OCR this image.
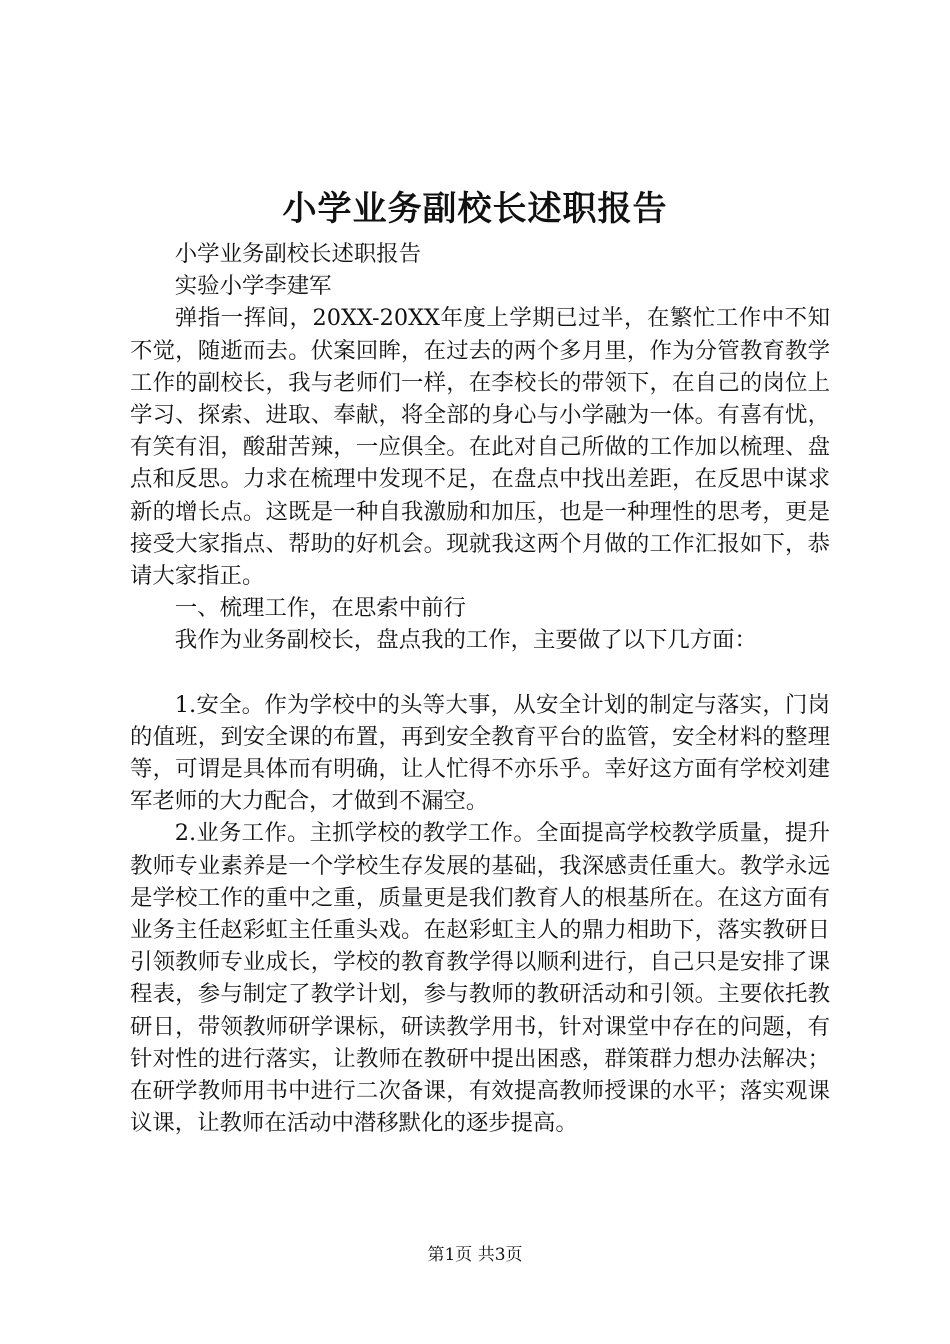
小学业务副校长述职报告

小学业务副校长述职报告

实验小学李建军

弹指一挥间，20XX-20XX年度上学期已过半，在繁忙工作中不知不觉，随逝而去。伏案回眸，在过去的两个多月里，作为分管教育教学工作的副校长，我与老师们一样，在李校长的带领下，在自己的岗位上学习、探索、进取、奉献，将全部的身心与小学融为一体。有喜有忧，有笑有泪，酸甜苦辣，一应俱全。在此对自己所做的工作加以梳理、盘点和反思。力求在梳理中发现不足，在盘点中找出差距，在反思中谋求新的增长点。这既是一种自我激励和加压，也是一种理性的思考，更是接受大家指点、帮助的好机会。现就我这两个月做的工作汇报如下，恭请大家指正。

一、梳理工作，在思索中前行

我作为业务副校长，盘点我的工作，主要做了以下几方面：

1.安全。作为学校中的头等大事，从安全计划的制定与落实，门岗的值班，到安全课的布置，再到安全教育平台的监管，安全材料的整理等，可谓是具体而有明确，让人忙得不亦乐乎。幸好这方面有学校刘建军老师的大力配合，才做到不漏空。

2.业务工作。主抓学校的教学工作。全面提高学校教学质量，提升教师专业素养是一个学校生存发展的基础，我深感责任重大。教学永远是学校工作的重中之重，质量更是我们教育人的根基所在。在这方面有业务主任赵彩虹主任重头戏。在赵彩虹主人的鼎力相助下，落实教研日引领教师专业成长，学校的教育教学得以顺利进行，自己只是安排了课程表，参与制定了教学计划，参与教师的教研活动和引领。主要依托教研日，带领教师研学课标，研读教学用书，针对课堂中存在的问题，有针对性的进行落实，让教师在教研中提出困惑，群策群力想办法解决；在研学教师用书中进行二次备课，有效提高教师授课的水平；落实观课议课，让教师在活动中潜移默化的逐步提高。

第1页 共3页
